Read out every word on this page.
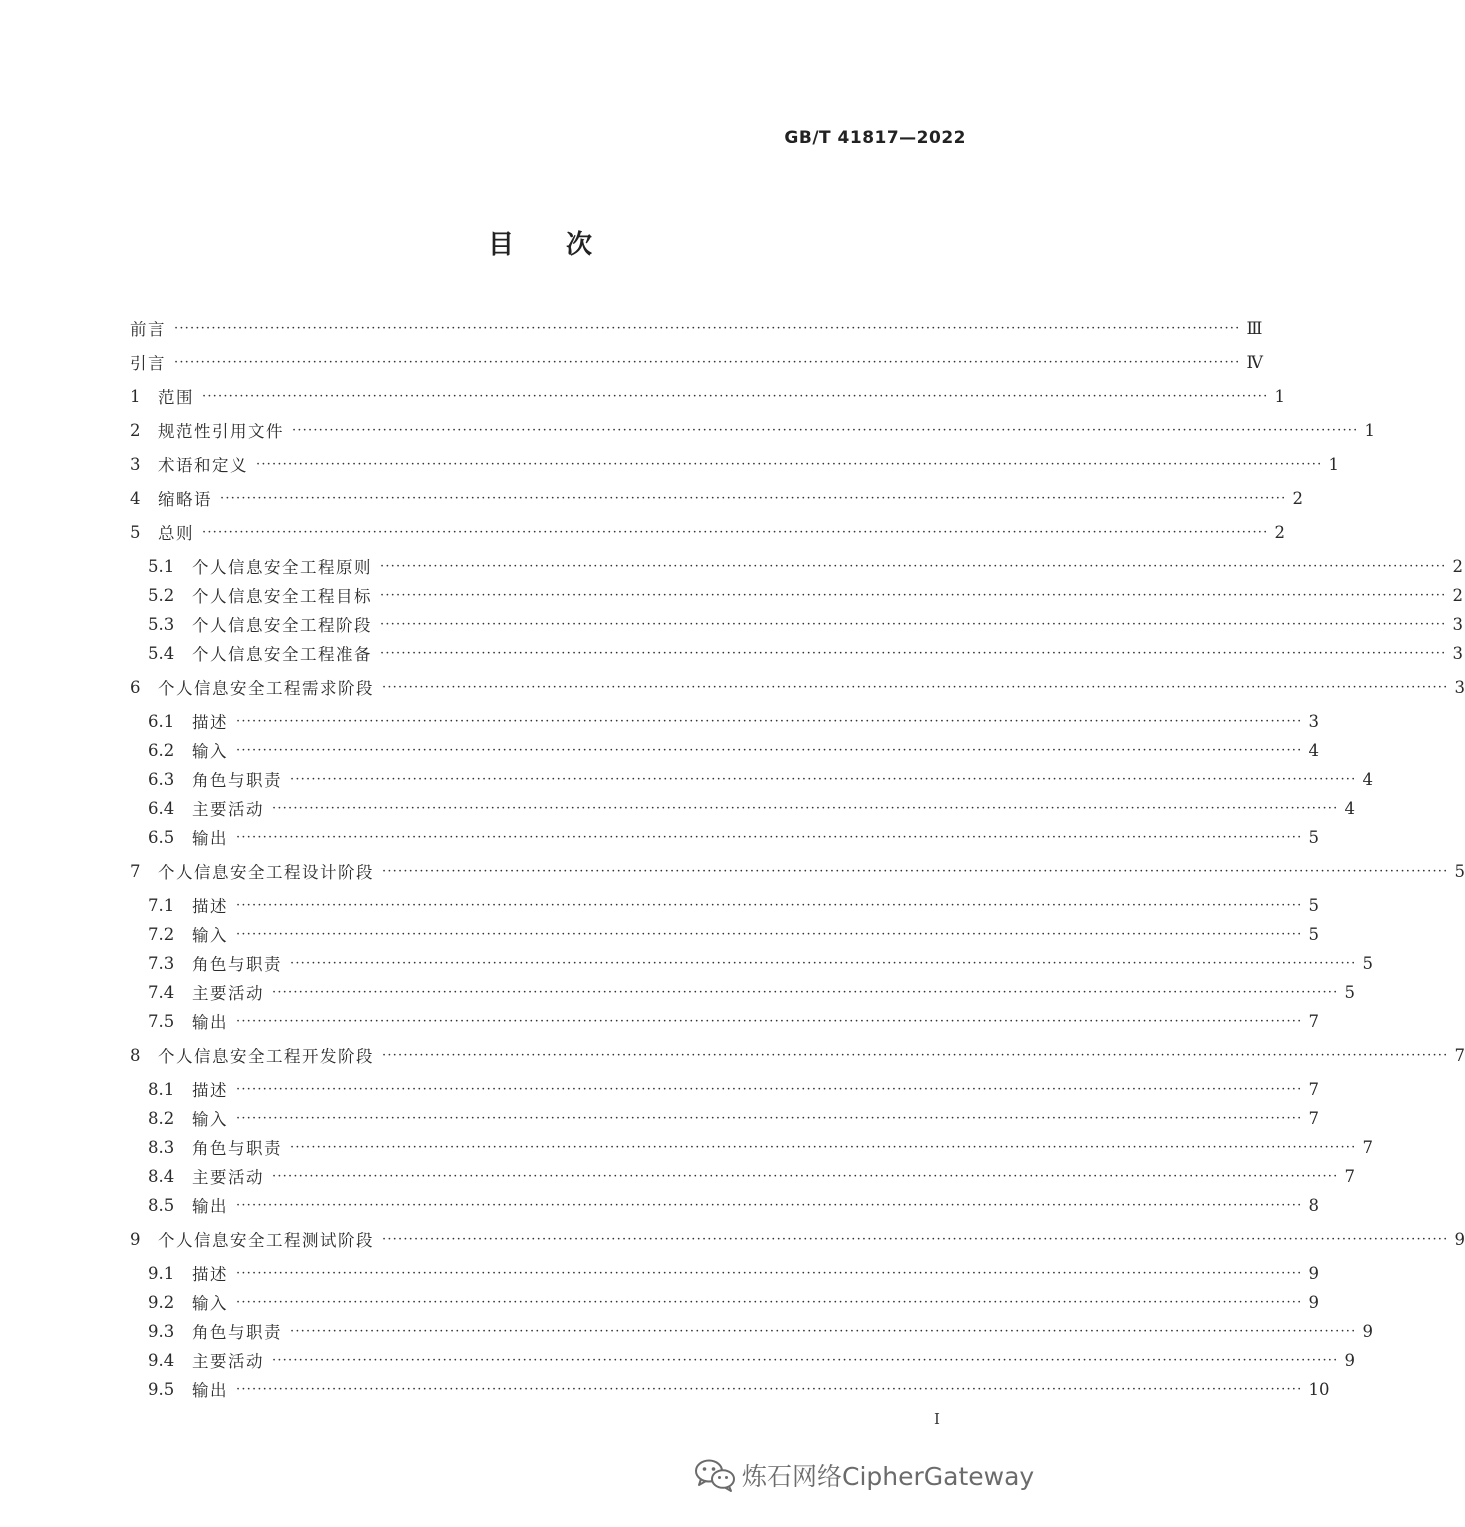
GB/T 41817—2022
目次
前言 ········································································································································································································ Ⅲ
引言 ········································································································································································································ Ⅳ
1	范围 ········································································································································································································ 1
2	规范性引用文件 ········································································································································································································ 1
3	术语和定义 ········································································································································································································ 1
4	缩略语 ········································································································································································································ 2
5	总则 ········································································································································································································ 2
5.1	个人信息安全工程原则 ········································································································································································································ 2
5.2	个人信息安全工程目标 ········································································································································································································ 2
5.3	个人信息安全工程阶段 ········································································································································································································ 3
5.4	个人信息安全工程准备 ········································································································································································································ 3
6	个人信息安全工程需求阶段 ········································································································································································································ 3
6.1	描述 ········································································································································································································ 3
6.2	输入 ········································································································································································································ 4
6.3	角色与职责 ········································································································································································································ 4
6.4	主要活动 ········································································································································································································ 4
6.5	输出 ········································································································································································································ 5
7	个人信息安全工程设计阶段 ········································································································································································································ 5
7.1	描述 ········································································································································································································ 5
7.2	输入 ········································································································································································································ 5
7.3	角色与职责 ········································································································································································································ 5
7.4	主要活动 ········································································································································································································ 5
7.5	输出 ········································································································································································································ 7
8	个人信息安全工程开发阶段 ········································································································································································································ 7
8.1	描述 ········································································································································································································ 7
8.2	输入 ········································································································································································································ 7
8.3	角色与职责 ········································································································································································································ 7
8.4	主要活动 ········································································································································································································ 7
8.5	输出 ········································································································································································································ 8
9	个人信息安全工程测试阶段 ········································································································································································································ 9
9.1	描述 ········································································································································································································ 9
9.2	输入 ········································································································································································································ 9
9.3	角色与职责 ········································································································································································································ 9
9.4	主要活动 ········································································································································································································ 9
9.5	输出 ········································································································································································································ 10
I
炼石网络CipherGateway
